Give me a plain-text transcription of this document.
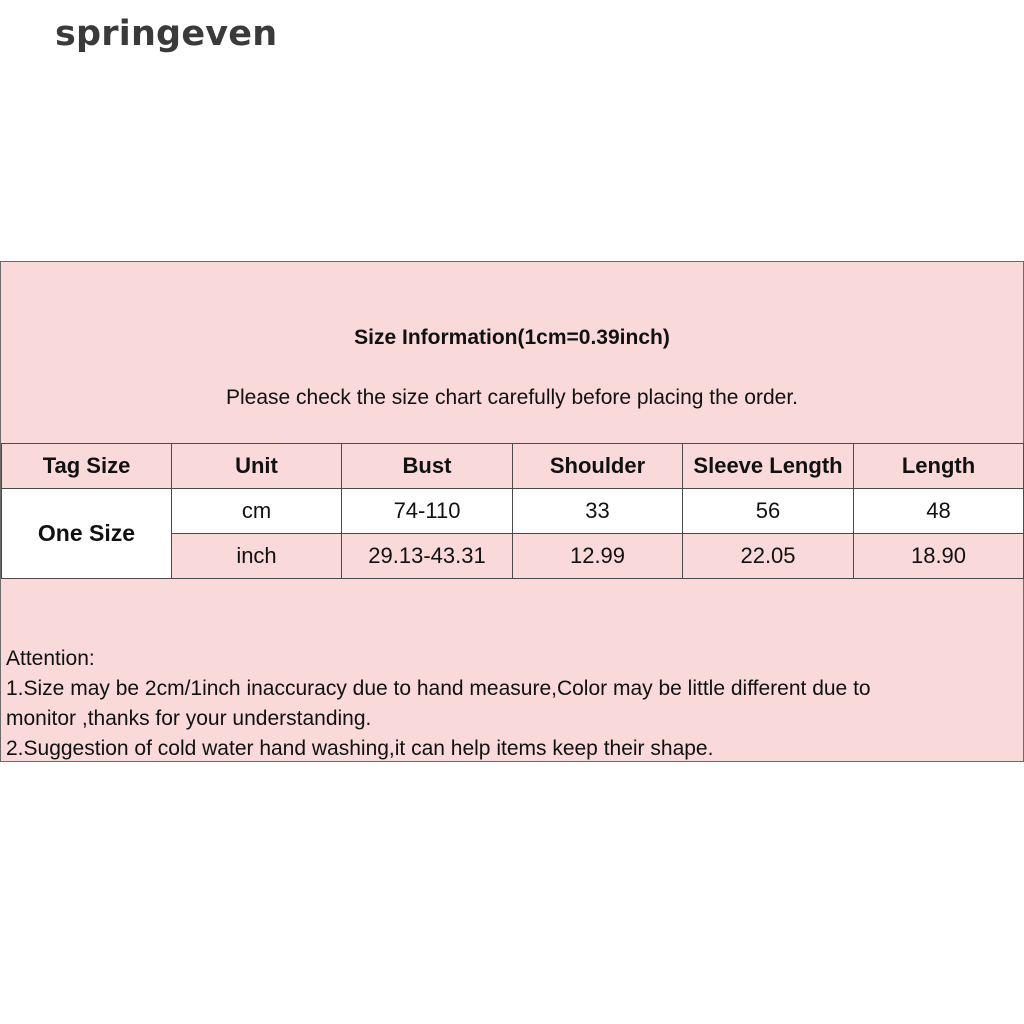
springeven
Size Information(1cm=0.39inch)
Please check the size chart carefully before placing the order.
Tag Size	Unit	Bust	Shoulder	Sleeve Length	Length
One Size	cm	74-110	33	56	48
	inch	29.13-43.31	12.99	22.05	18.90
Attention:
1.Size may be 2cm/1inch inaccuracy due to hand measure,Color may be little different due to
monitor ,thanks for your understanding.
2.Suggestion of cold water hand washing,it can help items keep their shape.
